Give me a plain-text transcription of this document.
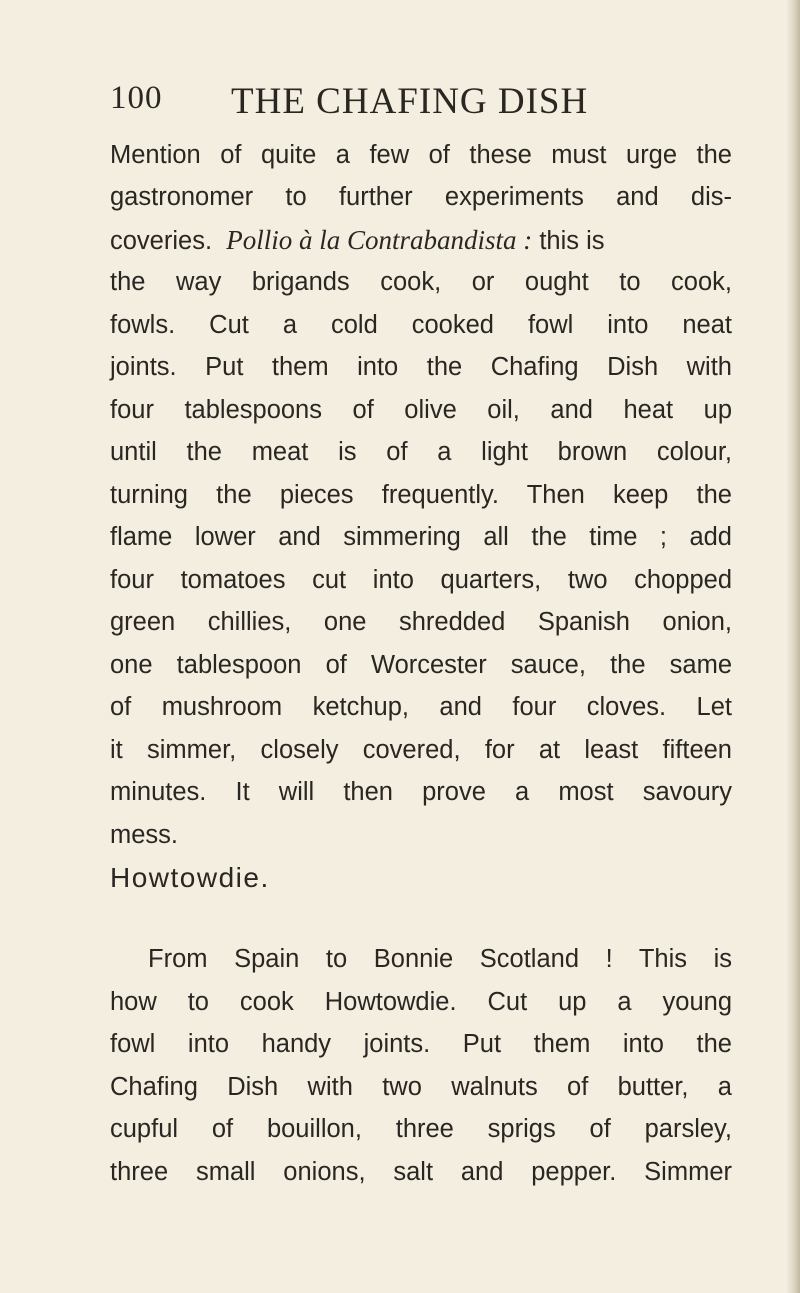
100 THE CHAFING DISH
Mention of quite a few of these must urge the
gastronomer to further experiments and dis-
coveries. Pollio à la Contrabandista : this is
the way brigands cook, or ought to cook,
fowls. Cut a cold cooked fowl into neat
joints. Put them into the Chafing Dish with
four tablespoons of olive oil, and heat up
until the meat is of a light brown colour,
turning the pieces frequently. Then keep the
flame lower and simmering all the time ; add
four tomatoes cut into quarters, two chopped
green chillies, one shredded Spanish onion,
one tablespoon of Worcester sauce, the same
of mushroom ketchup, and four cloves. Let
it simmer, closely covered, for at least fifteen
minutes. It will then prove a most savoury
mess.
Howtowdie.
From Spain to Bonnie Scotland ! This is
how to cook Howtowdie. Cut up a young
fowl into handy joints. Put them into the
Chafing Dish with two walnuts of butter, a
cupful of bouillon, three sprigs of parsley,
three small onions, salt and pepper. Simmer
